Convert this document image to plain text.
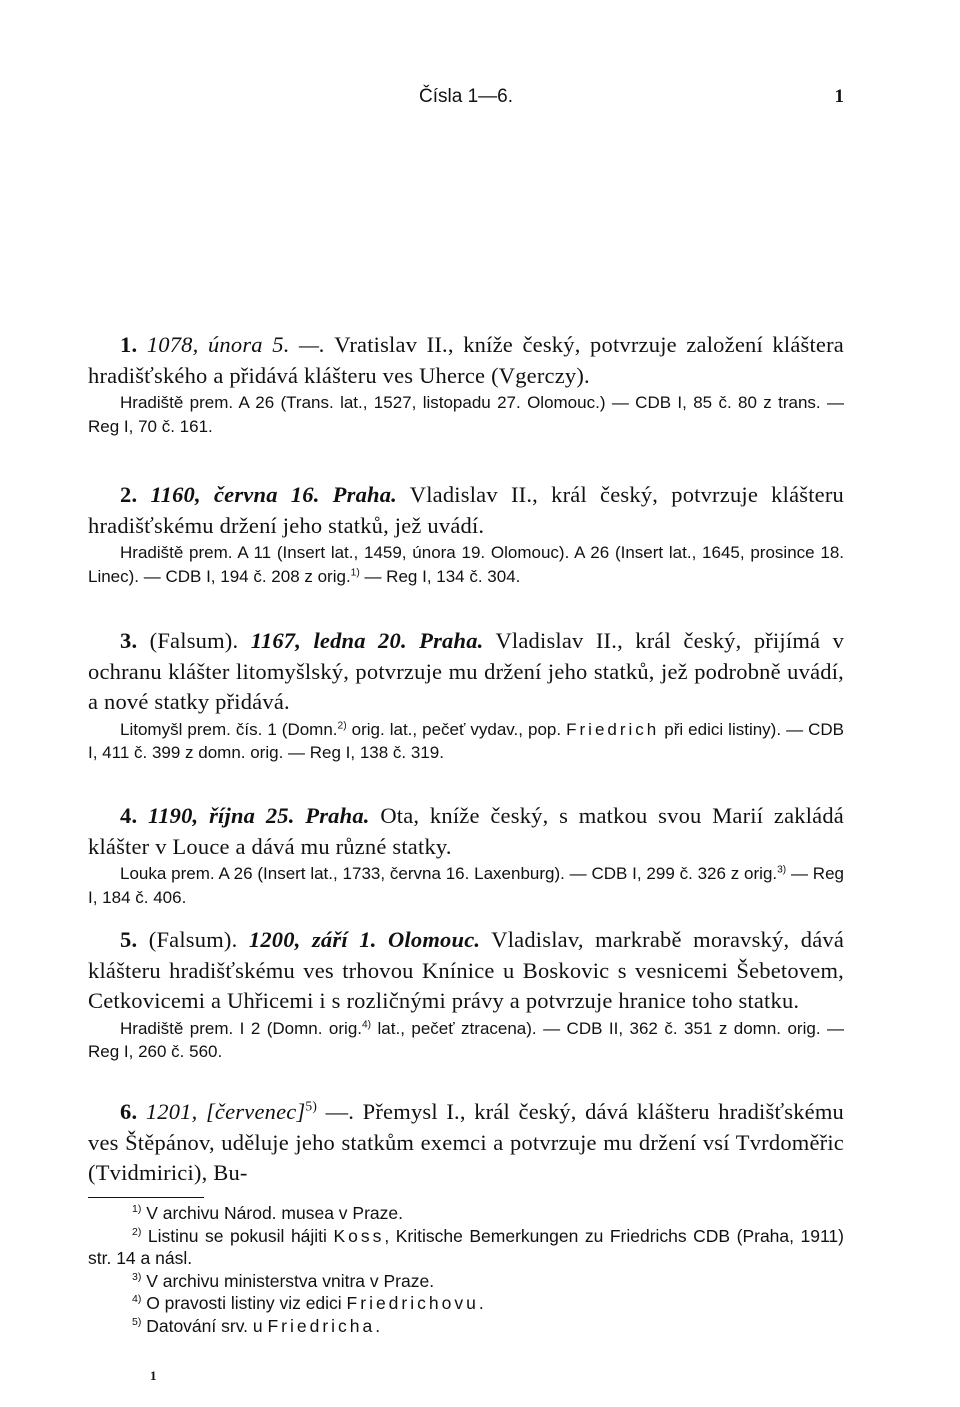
Čísla 1—6.	1
1. 1078, února 5. —. Vratislav II., kníže český, potvrzuje založení kláštera hradišťského a přidává klášteru ves Uherce (Vgerczy).
Hradiště prem. A 26 (Trans. lat., 1527, listopadu 27. Olomouc.) — CDB I, 85 č. 80 z trans. — Reg I, 70 č. 161.
2. 1160, června 16. Praha. Vladislav II., král český, potvrzuje klášteru hradišťskému držení jeho statků, jež uvádí.
Hradiště prem. A 11 (Insert lat., 1459, února 19. Olomouc). A 26 (Insert lat., 1645, prosince 18. Linec). — CDB I, 194 č. 208 z orig.$^{1)}$ — Reg I, 134 č. 304.
3. (Falsum). 1167, ledna 20. Praha. Vladislav II., král český, přijímá v ochranu klášter litomyšlský, potvrzuje mu držení jeho statků, jež podrobně uvádí, a nové statky přidává.
Litomyšl prem. čís. 1 (Domn.$^{2)}$ orig. lat., pečeť vydav., pop. Friedrich při edici listiny). — CDB I, 411 č. 399 z domn. orig. — Reg I, 138 č. 319.
4. 1190, října 25. Praha. Ota, kníže český, s matkou svou Marií zakládá klášter v Louce a dává mu různé statky.
Louka prem. A 26 (Insert lat., 1733, června 16. Laxenburg). — CDB I, 299 č. 326 z orig.$^{3)}$ — Reg I, 184 č. 406.
5. (Falsum). 1200, září 1. Olomouc. Vladislav, markrabě moravský, dává klášteru hradišťskému ves trhovou Knínice u Boskovic s vesnicemi Šebetovem, Cetkovicemi a Uhřicemi i s rozličnými právy a potvrzuje hranice toho statku.
Hradiště prem. I 2 (Domn. orig.$^{4)}$ lat., pečeť ztracena). — CDB II, 362 č. 351 z domn. orig. — Reg I, 260 č. 560.
6. 1201, [červenec]$^{5)}$ —. Přemysl I., král český, dává klášteru hradišťskému ves Štěpánov, uděluje jeho statkům exemci a potvrzuje mu držení vsí Tvrdoměřic (Tvidmirici), Bu-
$^{1)}$ V archivu Národ. musea v Praze.
$^{2)}$ Listinu se pokusil hájiti Koss, Kritische Bemerkungen zu Friedrichs CDB (Praha, 1911) str. 14 a násl.
$^{3)}$ V archivu ministerstva vnitra v Praze.
$^{4)}$ O pravosti listiny viz edici Friedrichovu.
$^{5)}$ Datování srv. u Friedricha.
1
